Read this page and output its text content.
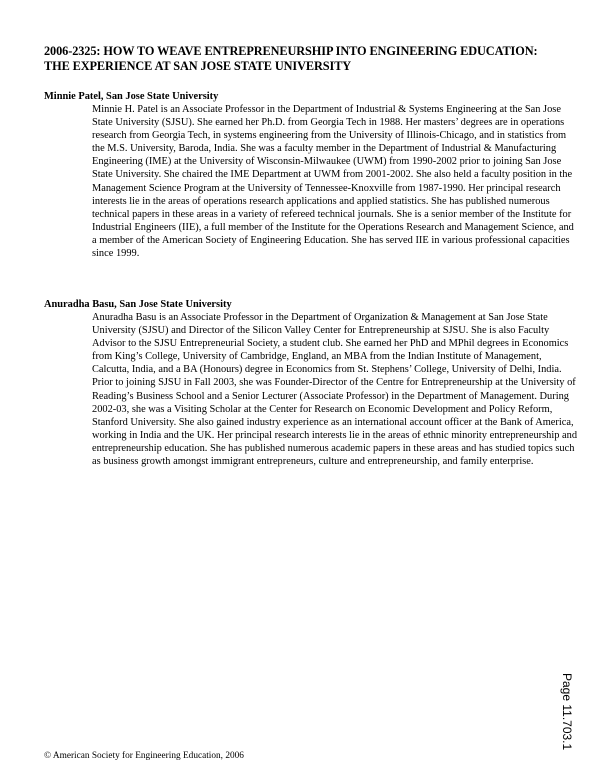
2006-2325: HOW TO WEAVE ENTREPRENEURSHIP INTO ENGINEERING EDUCATION: THE EXPERIENCE AT SAN JOSE STATE UNIVERSITY
Minnie Patel, San Jose State University
Minnie H. Patel is an Associate Professor in the Department of Industrial & Systems Engineering at the San Jose State University (SJSU). She earned her Ph.D. from Georgia Tech in 1988. Her masters’ degrees are in operations research from Georgia Tech, in systems engineering from the University of Illinois-Chicago, and in statistics from the M.S. University, Baroda, India. She was a faculty member in the Department of Industrial & Manufacturing Engineering (IME) at the University of Wisconsin-Milwaukee (UWM) from 1990-2002 prior to joining San Jose State University. She chaired the IME Department at UWM from 2001-2002. She also held a faculty position in the Management Science Program at the University of Tennessee-Knoxville from 1987-1990. Her principal research interests lie in the areas of operations research applications and applied statistics. She has published numerous technical papers in these areas in a variety of refereed technical journals. She is a senior member of the Institute for Industrial Engineers (IIE), a full member of the Institute for the Operations Research and Management Science, and a member of the American Society of Engineering Education. She has served IIE in various professional capacities since 1999.
Anuradha Basu, San Jose State University
Anuradha Basu is an Associate Professor in the Department of Organization & Management at San Jose State University (SJSU) and Director of the Silicon Valley Center for Entrepreneurship at SJSU. She is also Faculty Advisor to the SJSU Entrepreneurial Society, a student club. She earned her PhD and MPhil degrees in Economics from King’s College, University of Cambridge, England, an MBA from the Indian Institute of Management, Calcutta, India, and a BA (Honours) degree in Economics from St. Stephens’ College, University of Delhi, India. Prior to joining SJSU in Fall 2003, she was Founder-Director of the Centre for Entrepreneurship at the University of Reading’s Business School and a Senior Lecturer (Associate Professor) in the Department of Management. During 2002-03, she was a Visiting Scholar at the Center for Research on Economic Development and Policy Reform, Stanford University. She also gained industry experience as an international account officer at the Bank of America, working in India and the UK. Her principal research interests lie in the areas of ethnic minority entrepreneurship and entrepreneurship education. She has published numerous academic papers in these areas and has studied topics such as business growth amongst immigrant entrepreneurs, culture and entrepreneurship, and family enterprise.
© American Society for Engineering Education, 2006
Page 11.703.1
